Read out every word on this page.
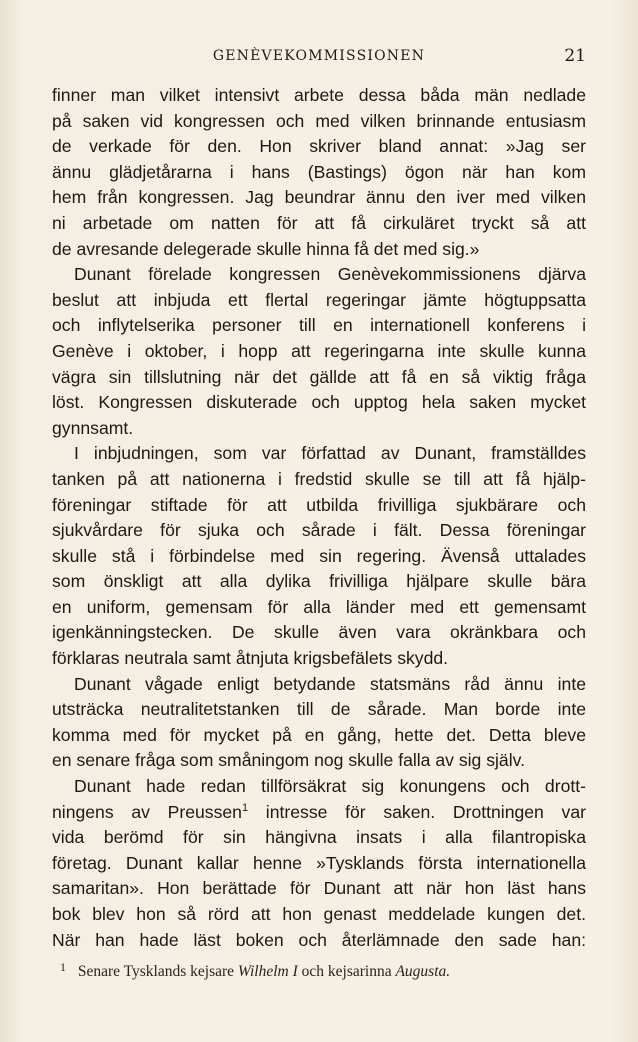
GENÈVEKOMMISSIONEN	21
finner man vilket intensivt arbete dessa båda män nedlade
på saken vid kongressen och med vilken brinnande entusiasm
de verkade för den. Hon skriver bland annat: »Jag ser
ännu glädjetårarna i hans (Bastings) ögon när han kom
hem från kongressen. Jag beundrar ännu den iver med vilken
ni arbetade om natten för att få cirkuläret tryckt så att
de avresande delegerade skulle hinna få det med sig.»
Dunant förelade kongressen Genèvekommissionens djärva
beslut att inbjuda ett flertal regeringar jämte högtuppsatta
och inflytelserika personer till en internationell konferens i
Genève i oktober, i hopp att regeringarna inte skulle kunna
vägra sin tillslutning när det gällde att få en så viktig fråga
löst. Kongressen diskuterade och upptog hela saken mycket
gynnsamt.
I inbjudningen, som var författad av Dunant, framställdes
tanken på att nationerna i fredstid skulle se till att få hjälp-
föreningar stiftade för att utbilda frivilliga sjukbärare och
sjukvårdare för sjuka och sårade i fält. Dessa föreningar
skulle stå i förbindelse med sin regering. Ävenså uttalades
som önskligt att alla dylika frivilliga hjälpare skulle bära
en uniform, gemensam för alla länder med ett gemensamt
igenkänningstecken. De skulle även vara okränkbara och
förklaras neutrala samt åtnjuta krigsbefälets skydd.
Dunant vågade enligt betydande statsmäns råd ännu inte
utsträcka neutralitetstanken till de sårade. Man borde inte
komma med för mycket på en gång, hette det. Detta bleve
en senare fråga som småningom nog skulle falla av sig själv.
Dunant hade redan tillförsäkrat sig konungens och drott-
ningens av Preussen$^1$ intresse för saken. Drottningen var
vida berömd för sin hängivna insats i alla filantropiska
företag. Dunant kallar henne »Tysklands första internationella
samaritan». Hon berättade för Dunant att när hon läst hans
bok blev hon så rörd att hon genast meddelade kungen det.
När han hade läst boken och återlämnade den sade han:
1 Senare Tysklands kejsare Wilhelm I och kejsarinna Augusta.
